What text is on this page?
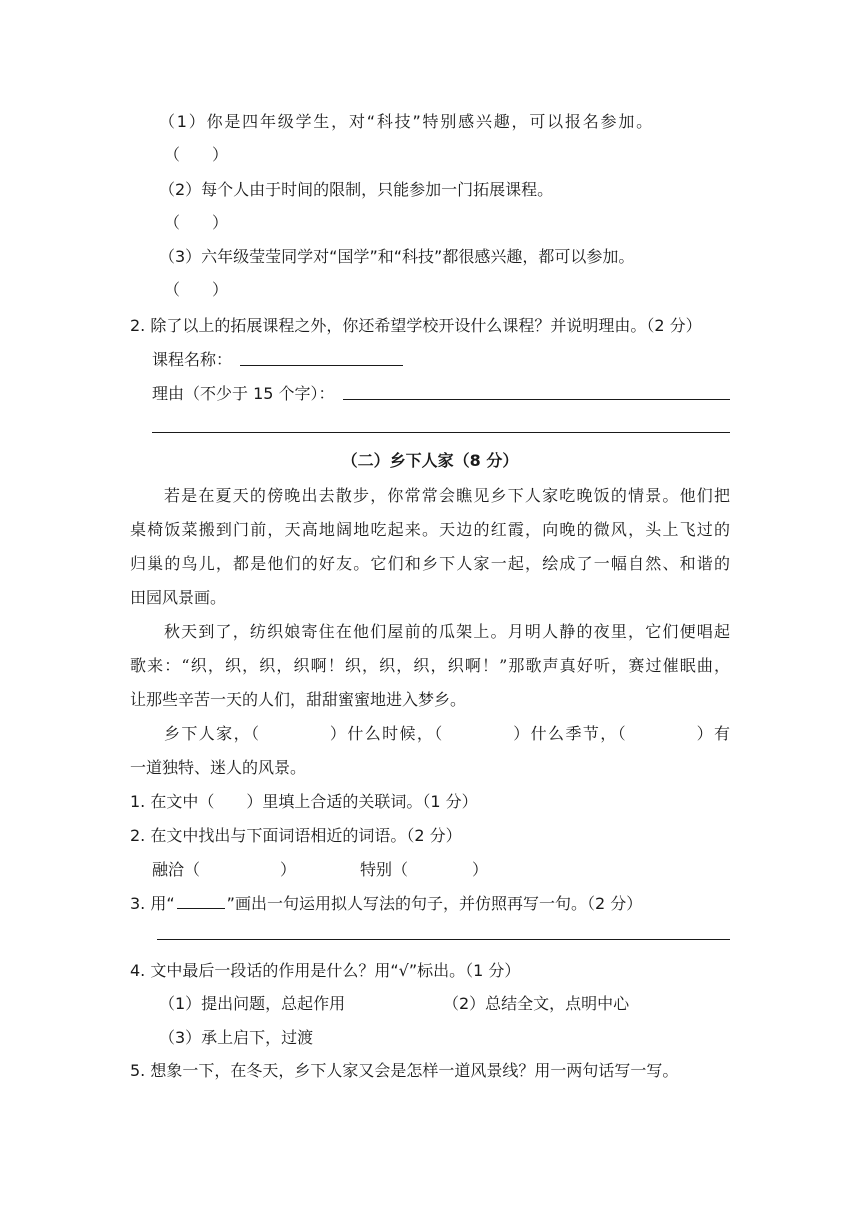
（1）你是四年级学生，对“科技”特别感兴趣，可以报名参加。
（　　）
（2）每个人由于时间的限制，只能参加一门拓展课程。
（　　）
（3）六年级莹莹同学对“国学”和“科技”都很感兴趣，都可以参加。
（　　）
2. 除了以上的拓展课程之外，你还希望学校开设什么课程？并说明理由。（2 分）
课程名称：
理由（不少于 15 个字）：
（二）乡下人家（8 分）
若是在夏天的傍晚出去散步，你常常会瞧见乡下人家吃晚饭的情景。他们把
桌椅饭菜搬到门前，天高地阔地吃起来。天边的红霞，向晚的微风，头上飞过的
归巢的鸟儿，都是他们的好友。它们和乡下人家一起，绘成了一幅自然、和谐的
田园风景画。
秋天到了，纺织娘寄住在他们屋前的瓜架上。月明人静的夜里，它们便唱起
歌来：“织，织，织，织啊！织，织，织，织啊！”那歌声真好听，赛过催眠曲，
让那些辛苦一天的人们，甜甜蜜蜜地进入梦乡。
乡下人家，（　　　　）什么时候，（　　　　）什么季节，（　　　　）有
一道独特、迷人的风景。
1. 在文中（　　）里填上合适的关联词。（1 分）
2. 在文中找出与下面词语相近的词语。（2 分）
融洽（　　　　　）	特别（　　　　）
3. 用“	”画出一句运用拟人写法的句子，并仿照再写一句。（2 分）
4. 文中最后一段话的作用是什么？用“√”标出。（1 分）
（1）提出问题，总起作用	（2）总结全文，点明中心
（3）承上启下，过渡
5. 想象一下，在冬天，乡下人家又会是怎样一道风景线？用一两句话写一写。
